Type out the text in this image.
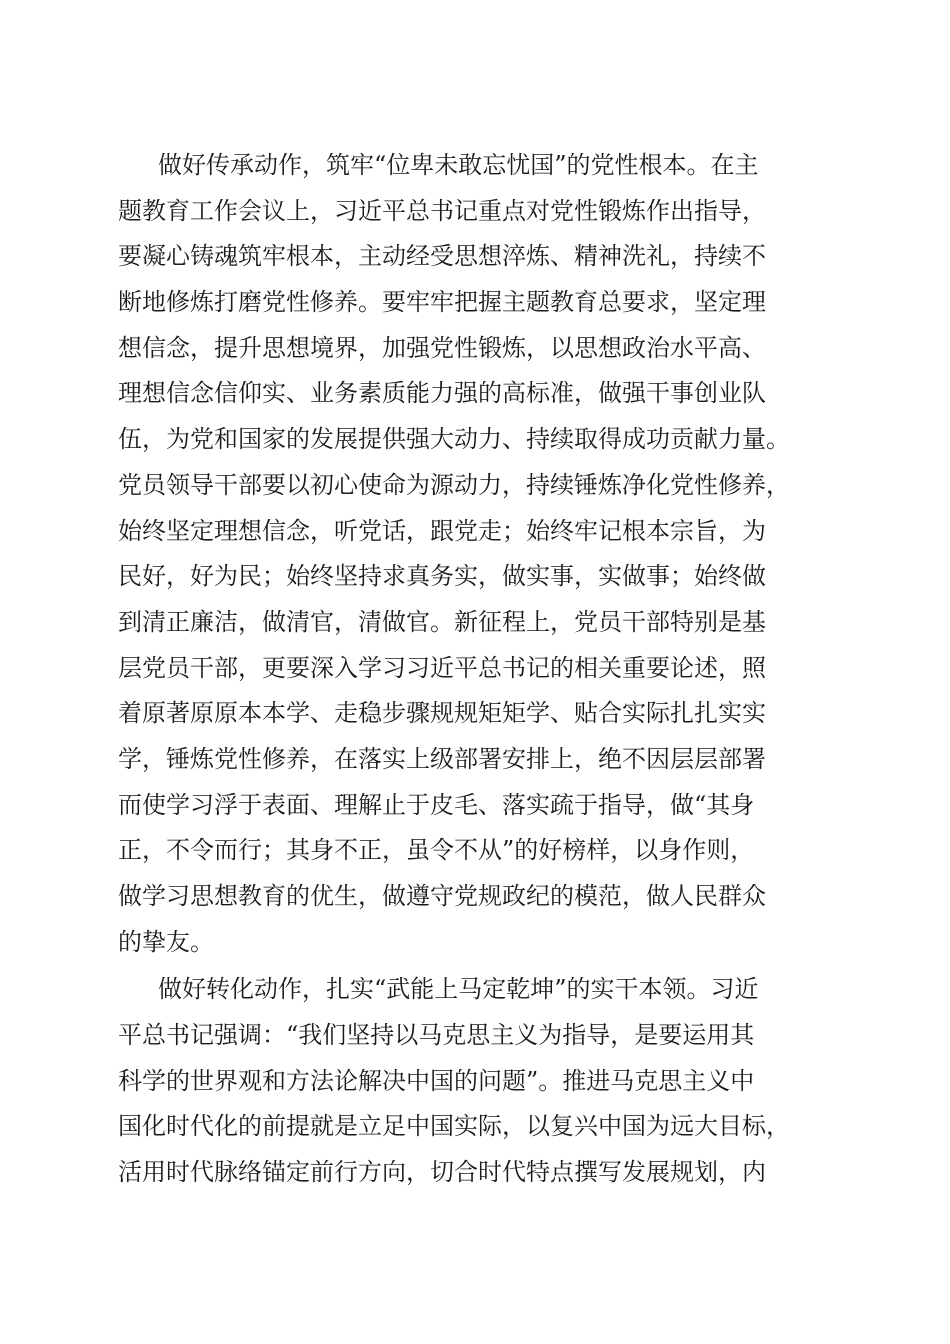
做好传承动作，筑牢“位卑未敢忘忧国”的党性根本。在主
题教育工作会议上，习近平总书记重点对党性锻炼作出指导，
要凝心铸魂筑牢根本，主动经受思想淬炼、精神洗礼，持续不
断地修炼打磨党性修养。要牢牢把握主题教育总要求，坚定理
想信念，提升思想境界，加强党性锻炼，以思想政治水平高、
理想信念信仰实、业务素质能力强的高标准，做强干事创业队
伍，为党和国家的发展提供强大动力、持续取得成功贡献力量。
党员领导干部要以初心使命为源动力，持续锤炼净化党性修养，
始终坚定理想信念，听党话，跟党走；始终牢记根本宗旨，为
民好，好为民；始终坚持求真务实，做实事，实做事；始终做
到清正廉洁，做清官，清做官。新征程上，党员干部特别是基
层党员干部，更要深入学习习近平总书记的相关重要论述，照
着原著原原本本学、走稳步骤规规矩矩学、贴合实际扎扎实实
学，锤炼党性修养，在落实上级部署安排上，绝不因层层部署
而使学习浮于表面、理解止于皮毛、落实疏于指导，做“其身
正，不令而行；其身不正，虽令不从”的好榜样，以身作则，
做学习思想教育的优生，做遵守党规政纪的模范，做人民群众
的挚友。
做好转化动作，扎实“武能上马定乾坤”的实干本领。习近
平总书记强调：“我们坚持以马克思主义为指导，是要运用其
科学的世界观和方法论解决中国的问题”。推进马克思主义中
国化时代化的前提就是立足中国实际，以复兴中国为远大目标，
活用时代脉络锚定前行方向，切合时代特点撰写发展规划，内
